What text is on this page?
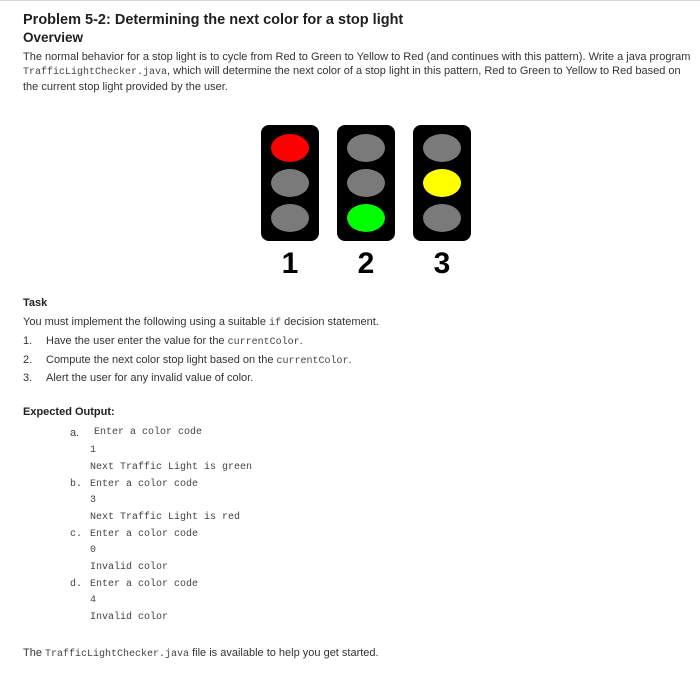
Problem 5-2: Determining the next color for a stop light
Overview

The normal behavior for a stop light is to cycle from Red to Green to Yellow to Red (and continues with this pattern). Write a java program TrafficLightChecker.java, which will determine the next color of a stop light in this pattern, Red to Green to Yellow to Red based on the current stop light provided by the user.

1	2	3
Task
You must implement the following using a suitable if decision statement.
1. Have the user enter the value for the currentColor.
2. Compute the next color stop light based on the currentColor.
3. Alert the user for any invalid value of color.
Expected Output:
a. Enter a color code
1
Next Traffic Light is green
b. Enter a color code
3
Next Traffic Light is red
c. Enter a color code
0
Invalid color
d. Enter a color code
4
Invalid color
The TrafficLightChecker.java file is available to help you get started.
